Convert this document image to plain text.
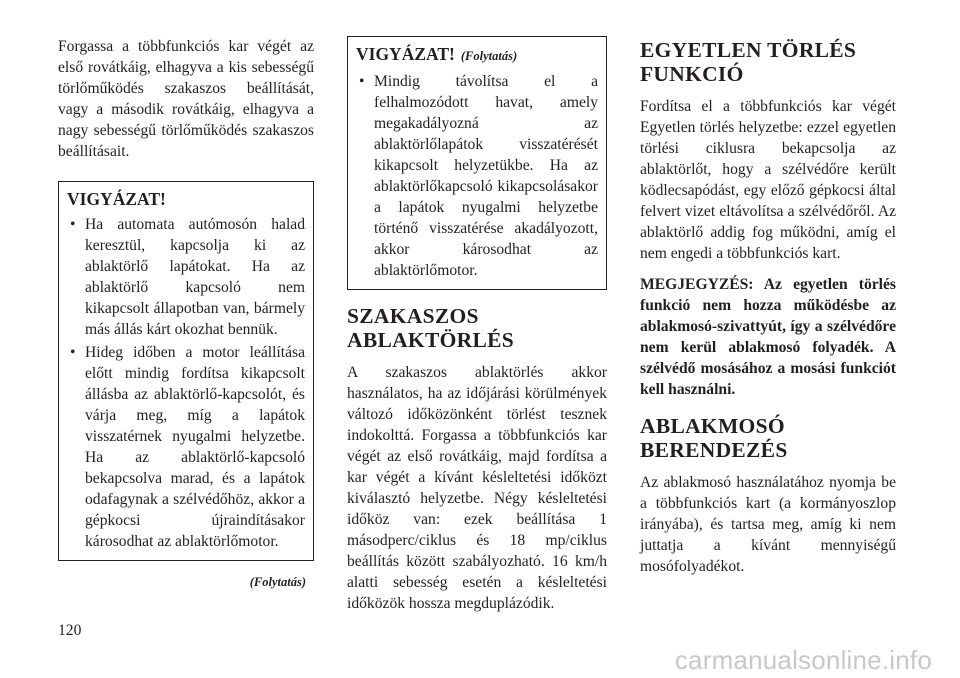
Forgassa a többfunkciós kar végét az első rovátkáig, elhagyva a kis sebességű törlőműködés szakaszos beállítását, vagy a második rovátkáig, elhagyva a nagy sebességű törlőműködés szakaszos beállításait.

VIGYÁZAT!
• Ha automata autómosón halad keresztül, kapcsolja ki az ablaktörlő lapátokat. Ha az ablaktörlő kapcsoló nem kikapcsolt állapotban van, bármely más állás kárt okozhat bennük.
• Hideg időben a motor leállítása előtt mindig fordítsa kikapcsolt állásba az ablaktörlő-kapcsolót, és várja meg, míg a lapátok visszatérnek nyugalmi helyzetbe. Ha az ablaktörlő-kapcsoló bekapcsolva marad, és a lapátok odafagynak a szélvédőhöz, akkor a gépkocsi újraindításakor károsodhat az ablaktörlőmotor.
(Folytatás)
VIGYÁZAT! (Folytatás)
• Mindig távolítsa el a felhalmozódott havat, amely megakadályozná az ablaktörlőlapátok visszatérését kikapcsolt helyzetükbe. Ha az ablaktörlőkapcsoló kikapcsolásakor a lapátok nyugalmi helyzetbe történő visszatérése akadályozott, akkor károsodhat az ablaktörlőmotor.
SZAKASZOS
ABLAKTÖRLÉS

A szakaszos ablaktörlés akkor használatos, ha az időjárási körülmények változó időközönként törlést tesznek indokolttá. Forgassa a többfunkciós kar végét az első rovátkáig, majd fordítsa a kar végét a kívánt késleltetési időközt kiválasztó helyzetbe. Négy késleltetési időköz van: ezek beállítása 1 másodperc/ciklus és 18 mp/ciklus beállítás között szabályozható. 16 km/h alatti sebesség esetén a késleltetési időközök hossza megduplázódik.

EGYETLEN TÖRLÉS
FUNKCIÓ

Fordítsa el a többfunkciós kar végét Egyetlen törlés helyzetbe: ezzel egyetlen törlési ciklusra bekapcsolja az ablaktörlőt, hogy a szélvédőre került ködlecsapódást, egy előző gépkocsi által felvert vizet eltávolítsa a szélvédőről. Az ablaktörlő addig fog működni, amíg el nem engedi a többfunkciós kart.

MEGJEGYZÉS: Az egyetlen törlés funkció nem hozza működésbe az ablakmosó-szivattyút, így a szélvédőre nem kerül ablakmosó folyadék. A szélvédő mosásához a mosási funkciót kell használni.

ABLAKMOSÓ
BERENDEZÉS

Az ablakmosó használatához nyomja be a többfunkciós kart (a kormányoszlop irányába), és tartsa meg, amíg ki nem juttatja a kívánt mennyiségű mosófolyadékot.

120
carmanualsonline.info
